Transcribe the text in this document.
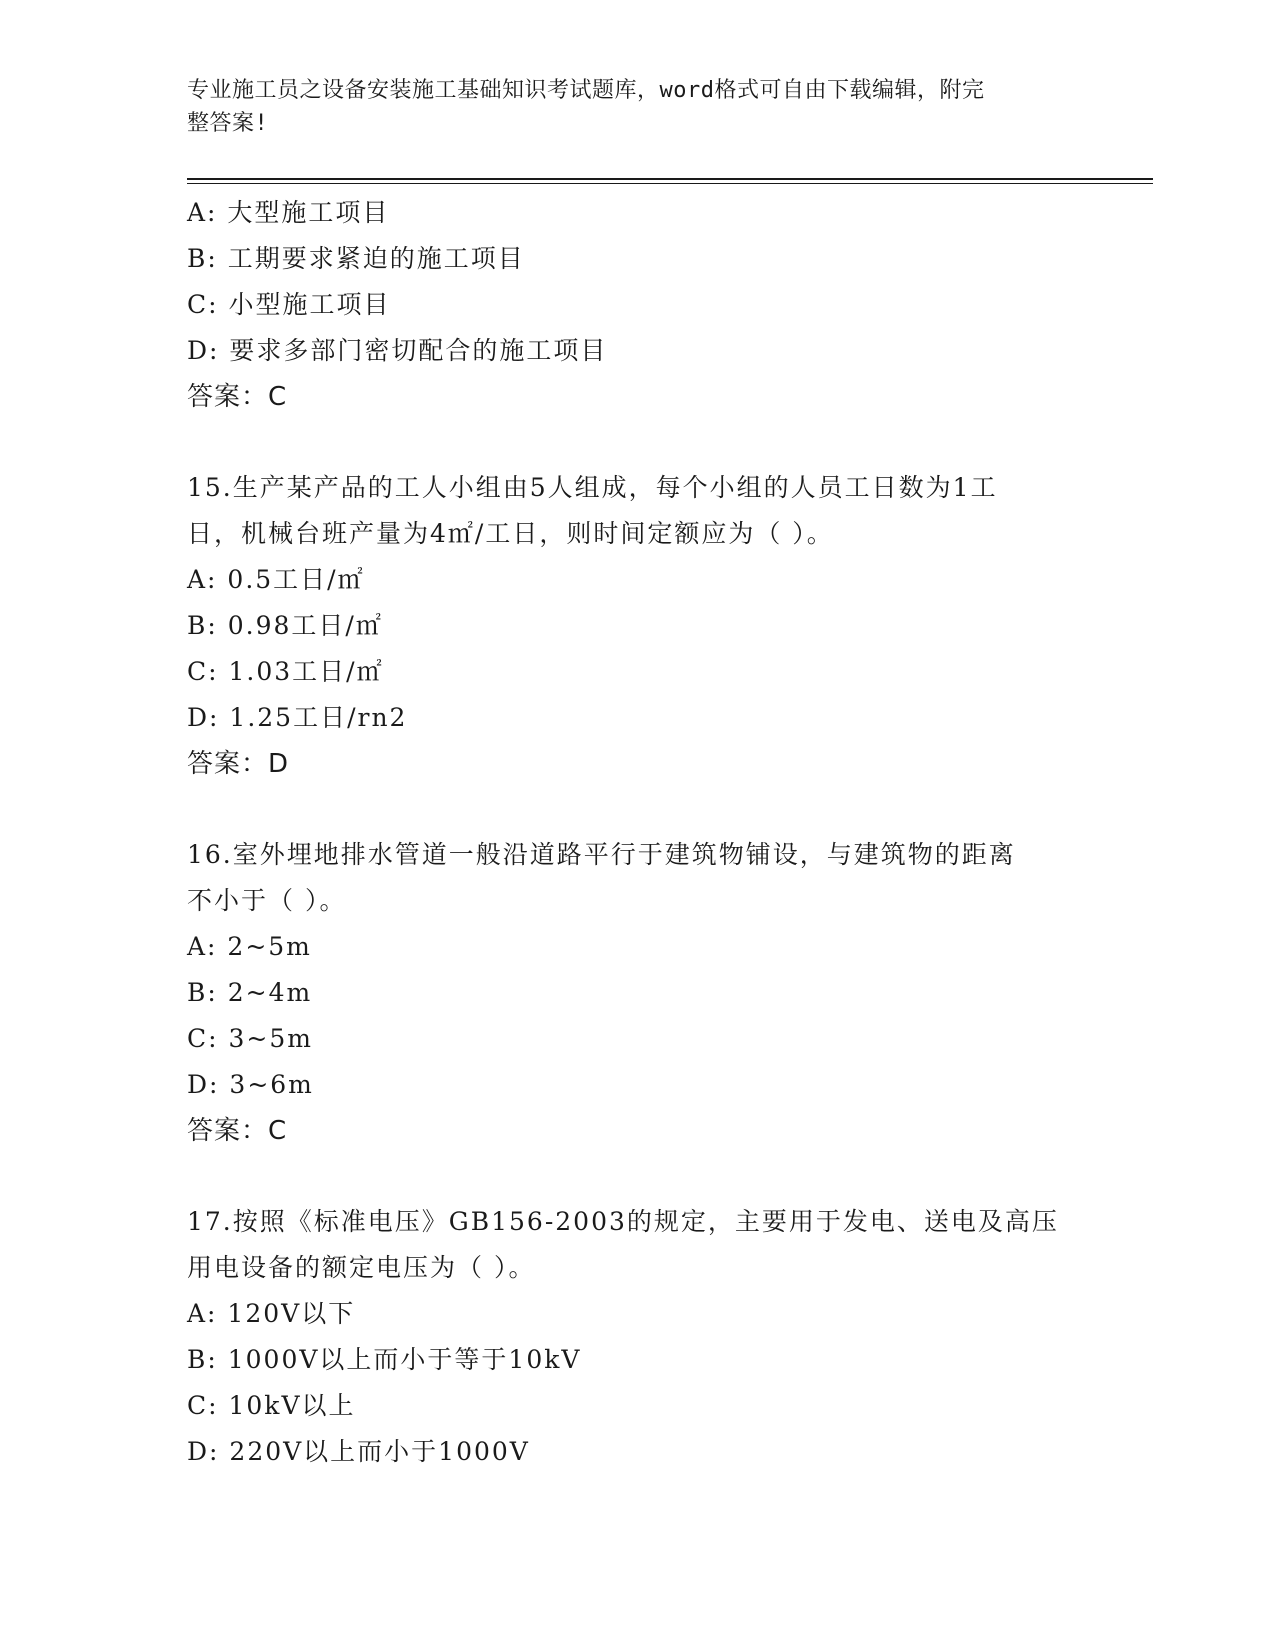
专业施工员之设备安装施工基础知识考试题库，word格式可自由下载编辑，附完
整答案!
A: 大型施工项目
B: 工期要求紧迫的施工项目
C: 小型施工项目
D: 要求多部门密切配合的施工项目
答案：C
15.生产某产品的工人小组由5人组成，每个小组的人员工日数为1工
日，机械台班产量为4㎡/工日，则时间定额应为（ ）。
A: 0.5工日/㎡
B: 0.98工日/㎡
C: 1.03工日/㎡
D: 1.25工日/rn2
答案：D
16.室外埋地排水管道一般沿道路平行于建筑物铺设，与建筑物的距离
不小于（ ）。
A: 2~5m
B: 2~4m
C: 3~5m
D: 3~6m
答案：C
17.按照《标准电压》GB156-2003的规定，主要用于发电、送电及高压
用电设备的额定电压为（ ）。
A: 120V以下
B: 1000V以上而小于等于10kV
C: 10kV以上
D: 220V以上而小于1000V
